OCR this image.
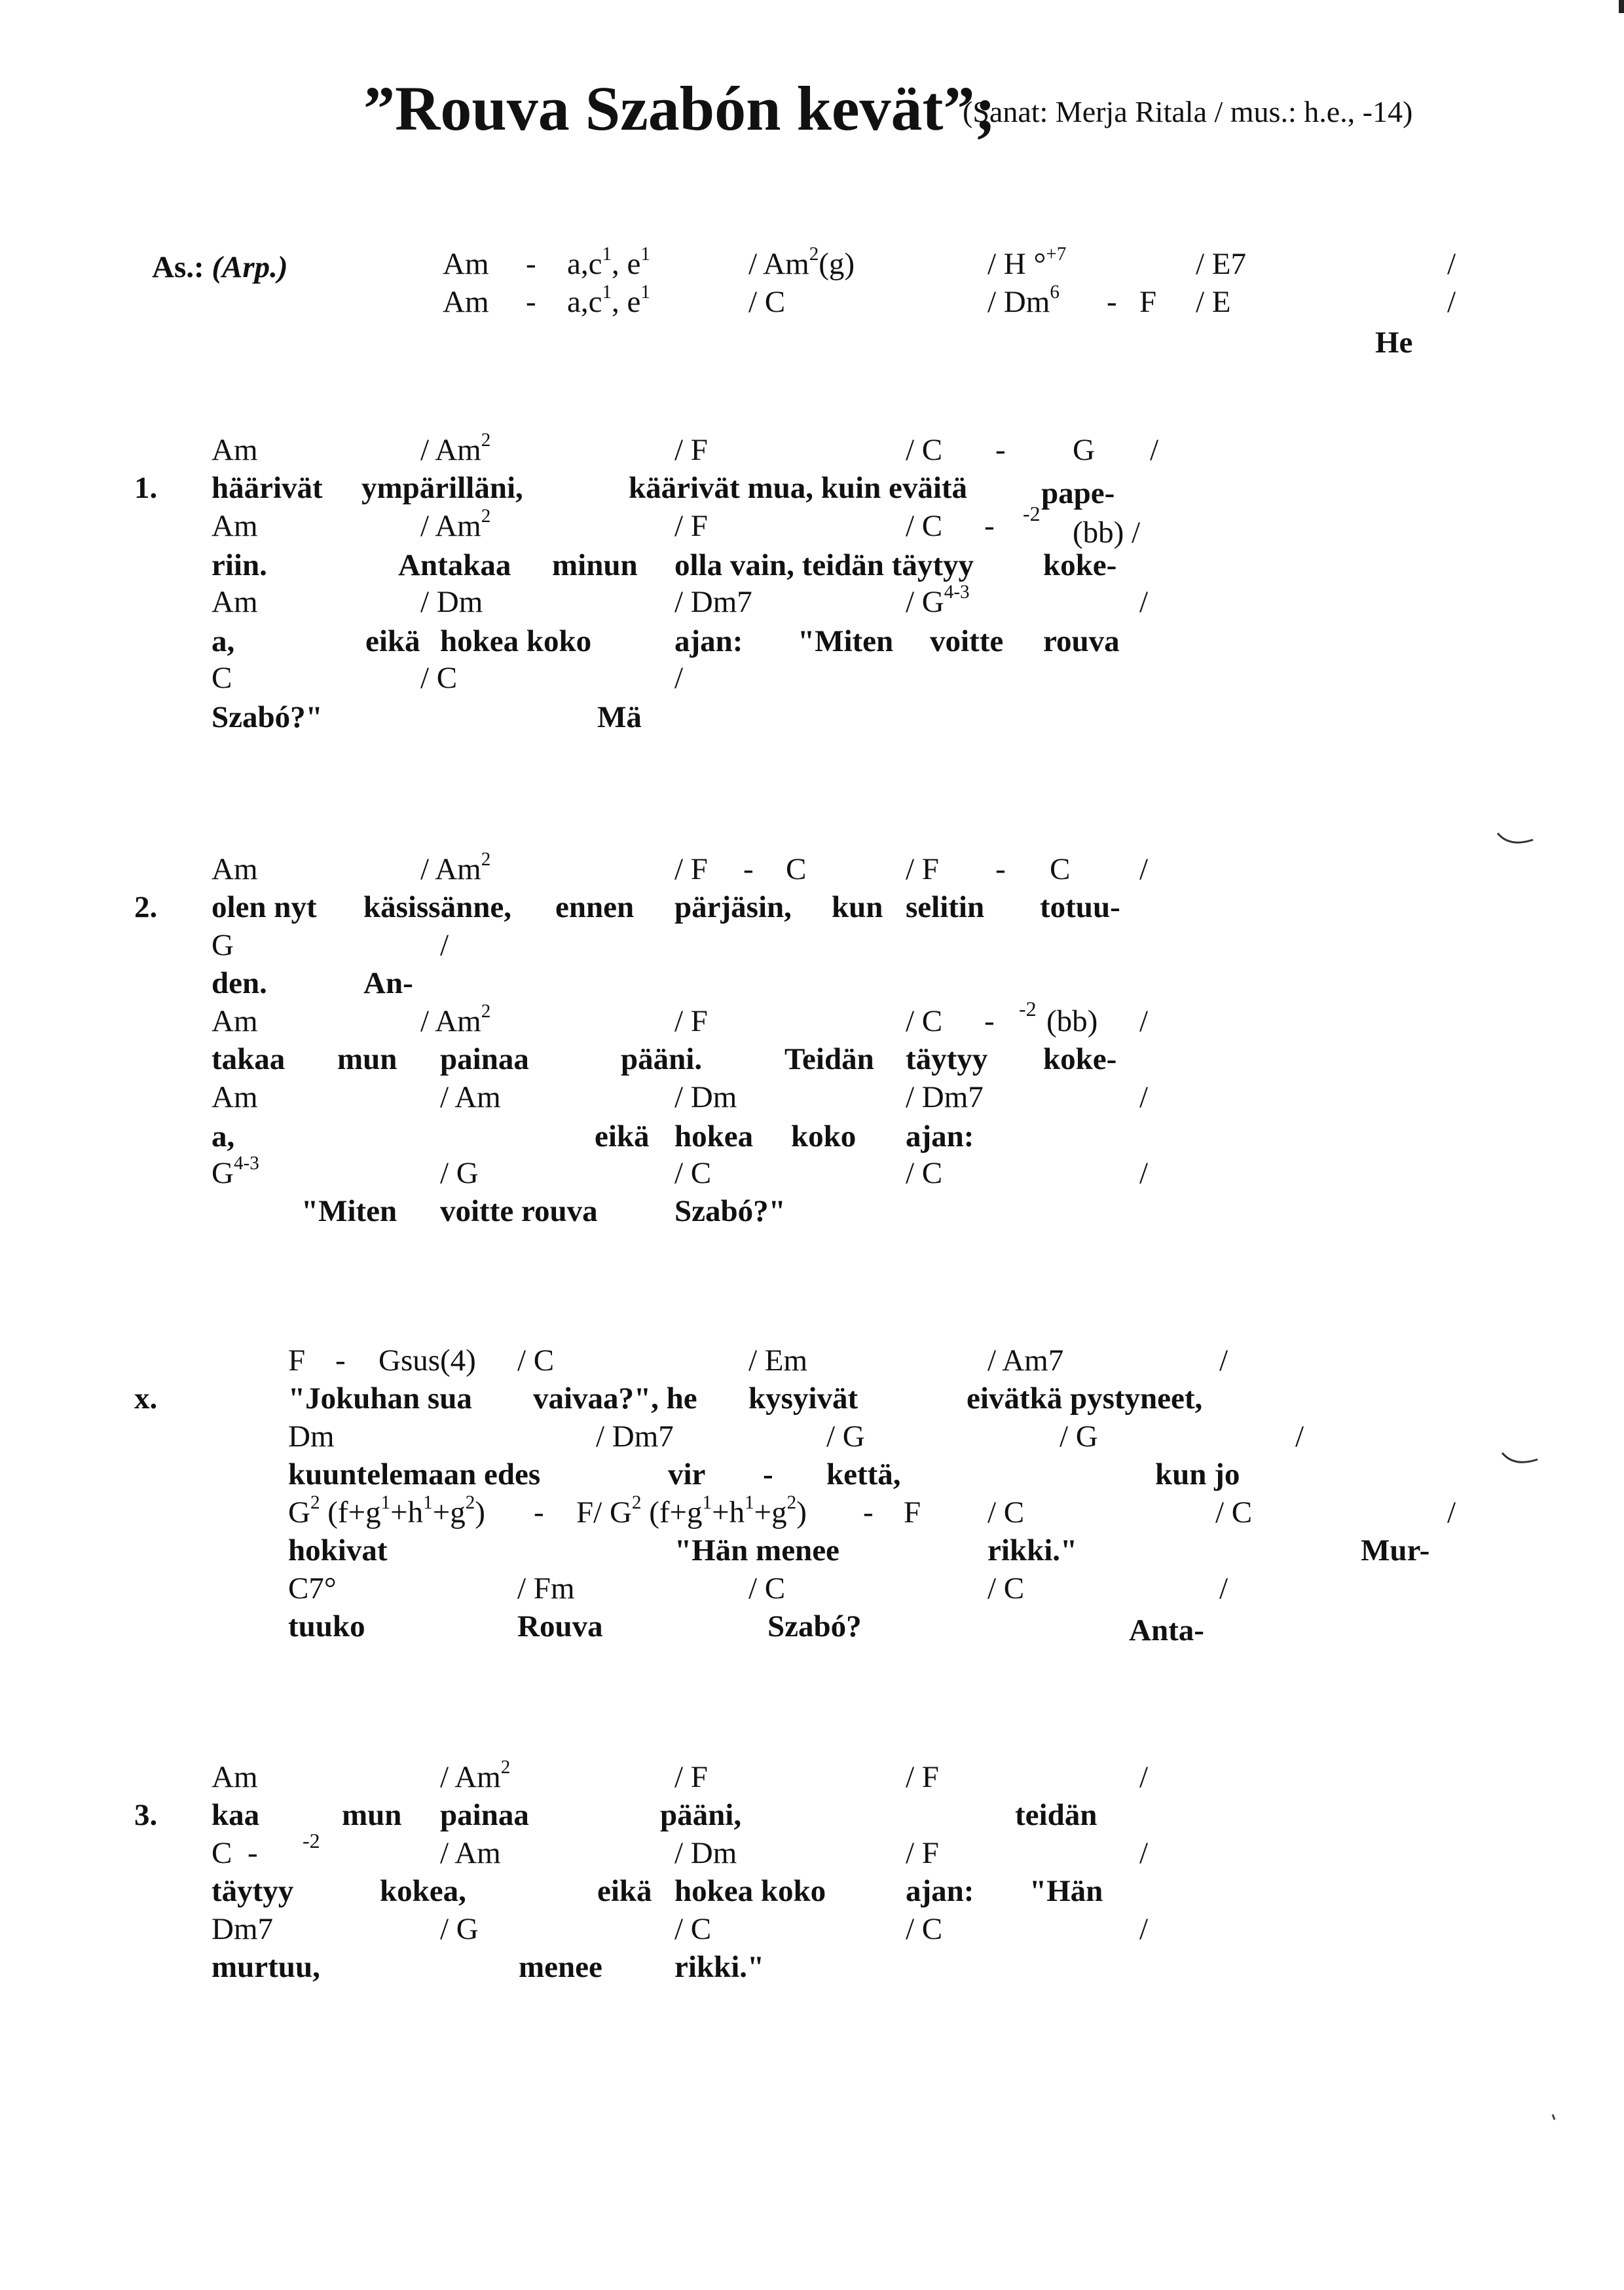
”Rouva Szabón kevät”;
(Sanat: Merja Ritala / mus.: h.e., -14)
As.: (Arp.)	Am - $a,c^1$, $e^1$	/ Am$^2$(g)	/ H °$^{+7}$	/ E7	/
Am - $a,c^1$, $e^1$	/ C	/ Dm$^6$ - F / E	/
He
1.
Am	/ Am$^2$	/ F	/ C - G /
häärivät ympärilläni,	käärivät mua, kuin eväitä pape-
Am	/ Am$^2$	/ F	/ C - -2
(bb) /
riin.	Antakaa minun olla vain, teidän täytyy koke-
Am	/ Dm	/ Dm7	/ $G^{4-3}$	/
a,	eikä hokea koko	ajan: "Miten voitte rouva
C	/ C	/
Szabó?"	Mä
2.
Am	/ Am$^2$	/ F - C	/ F - C /
olen nyt käsissänne, ennen pärjäsin, kun selitin totuu-
G	/
den.	An-
Am	/ Am$^2$	/ F	/ C - -2 (bb) /
takaa mun painaa	pääni.	Teidän täytyy koke-
Am	/ Am	/ Dm	/ Dm7	/
a,	eikä hokea koko ajan:
$G^{4-3}$	/ G	/ C	/ C	/
"Miten voitte rouva Szabó?"
x.
F - Gsus(4) / C	/ Em	/ Am7	/
"Jokuhan sua vaivaa?", he kysyivät	eivätkä pystyneet,
Dm	/ Dm7	/ G	/ G	/
kuuntelemaan edes	vir - kettä,	kun jo
$G^2$ $(f+g^1+h^1+g^2) - F/$ $G^2$ $(f+g^1+h^1+g^2) - F / C$	/ C	/
hokivat	"Hän menee	rikki."	Mur-
C7°	/ Fm	/ C	/ C	/
tuuko	Rouva	Szabó?	Anta-
3.
Am	/ Am$^2$	/ F	/ F	/
kaa	mun painaa	pääni,	teidän
C - -2	/ Am	/ Dm	/ F	/
täytyy	kokea,	eikä hokea koko	ajan: "Hän
Dm7	/ G	/ C	/ C	/
murtuu,	menee rikki."
